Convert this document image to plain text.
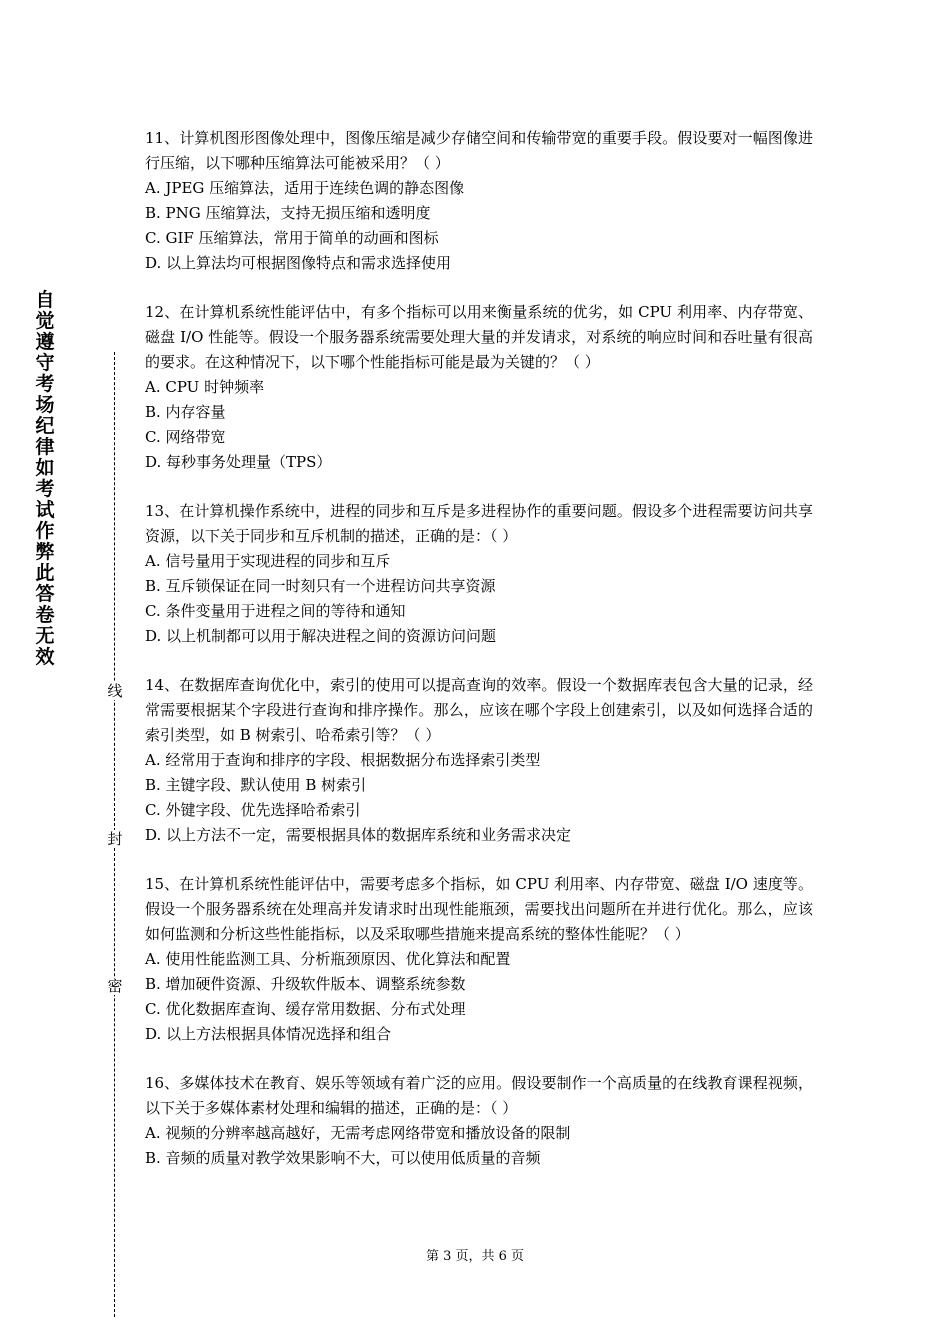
自觉遵守考场纪律如考试作弊此答卷无效
线
封
密
11、计算机图形图像处理中，图像压缩是减少存储空间和传输带宽的重要手段。假设要对一幅图像进行压缩，以下哪种压缩算法可能被采用？（ ）
A. JPEG 压缩算法，适用于连续色调的静态图像
B. PNG 压缩算法，支持无损压缩和透明度
C. GIF 压缩算法，常用于简单的动画和图标
D. 以上算法均可根据图像特点和需求选择使用
12、在计算机系统性能评估中，有多个指标可以用来衡量系统的优劣，如 CPU 利用率、内存带宽、磁盘 I/O 性能等。假设一个服务器系统需要处理大量的并发请求，对系统的响应时间和吞吐量有很高的要求。在这种情况下，以下哪个性能指标可能是最为关键的？（ ）
A. CPU 时钟频率
B. 内存容量
C. 网络带宽
D. 每秒事务处理量（TPS）
13、在计算机操作系统中，进程的同步和互斥是多进程协作的重要问题。假设多个进程需要访问共享资源，以下关于同步和互斥机制的描述，正确的是：（ ）
A. 信号量用于实现进程的同步和互斥
B. 互斥锁保证在同一时刻只有一个进程访问共享资源
C. 条件变量用于进程之间的等待和通知
D. 以上机制都可以用于解决进程之间的资源访问问题
14、在数据库查询优化中，索引的使用可以提高查询的效率。假设一个数据库表包含大量的记录，经常需要根据某个字段进行查询和排序操作。那么，应该在哪个字段上创建索引，以及如何选择合适的索引类型，如 B 树索引、哈希索引等？（ ）
A. 经常用于查询和排序的字段、根据数据分布选择索引类型
B. 主键字段、默认使用 B 树索引
C. 外键字段、优先选择哈希索引
D. 以上方法不一定，需要根据具体的数据库系统和业务需求决定
15、在计算机系统性能评估中，需要考虑多个指标，如 CPU 利用率、内存带宽、磁盘 I/O 速度等。假设一个服务器系统在处理高并发请求时出现性能瓶颈，需要找出问题所在并进行优化。那么，应该如何监测和分析这些性能指标，以及采取哪些措施来提高系统的整体性能呢？（ ）
A. 使用性能监测工具、分析瓶颈原因、优化算法和配置
B. 增加硬件资源、升级软件版本、调整系统参数
C. 优化数据库查询、缓存常用数据、分布式处理
D. 以上方法根据具体情况选择和组合
16、多媒体技术在教育、娱乐等领域有着广泛的应用。假设要制作一个高质量的在线教育课程视频，以下关于多媒体素材处理和编辑的描述，正确的是：（ ）
A. 视频的分辨率越高越好，无需考虑网络带宽和播放设备的限制
B. 音频的质量对教学效果影响不大，可以使用低质量的音频
第 3 页，共 6 页
